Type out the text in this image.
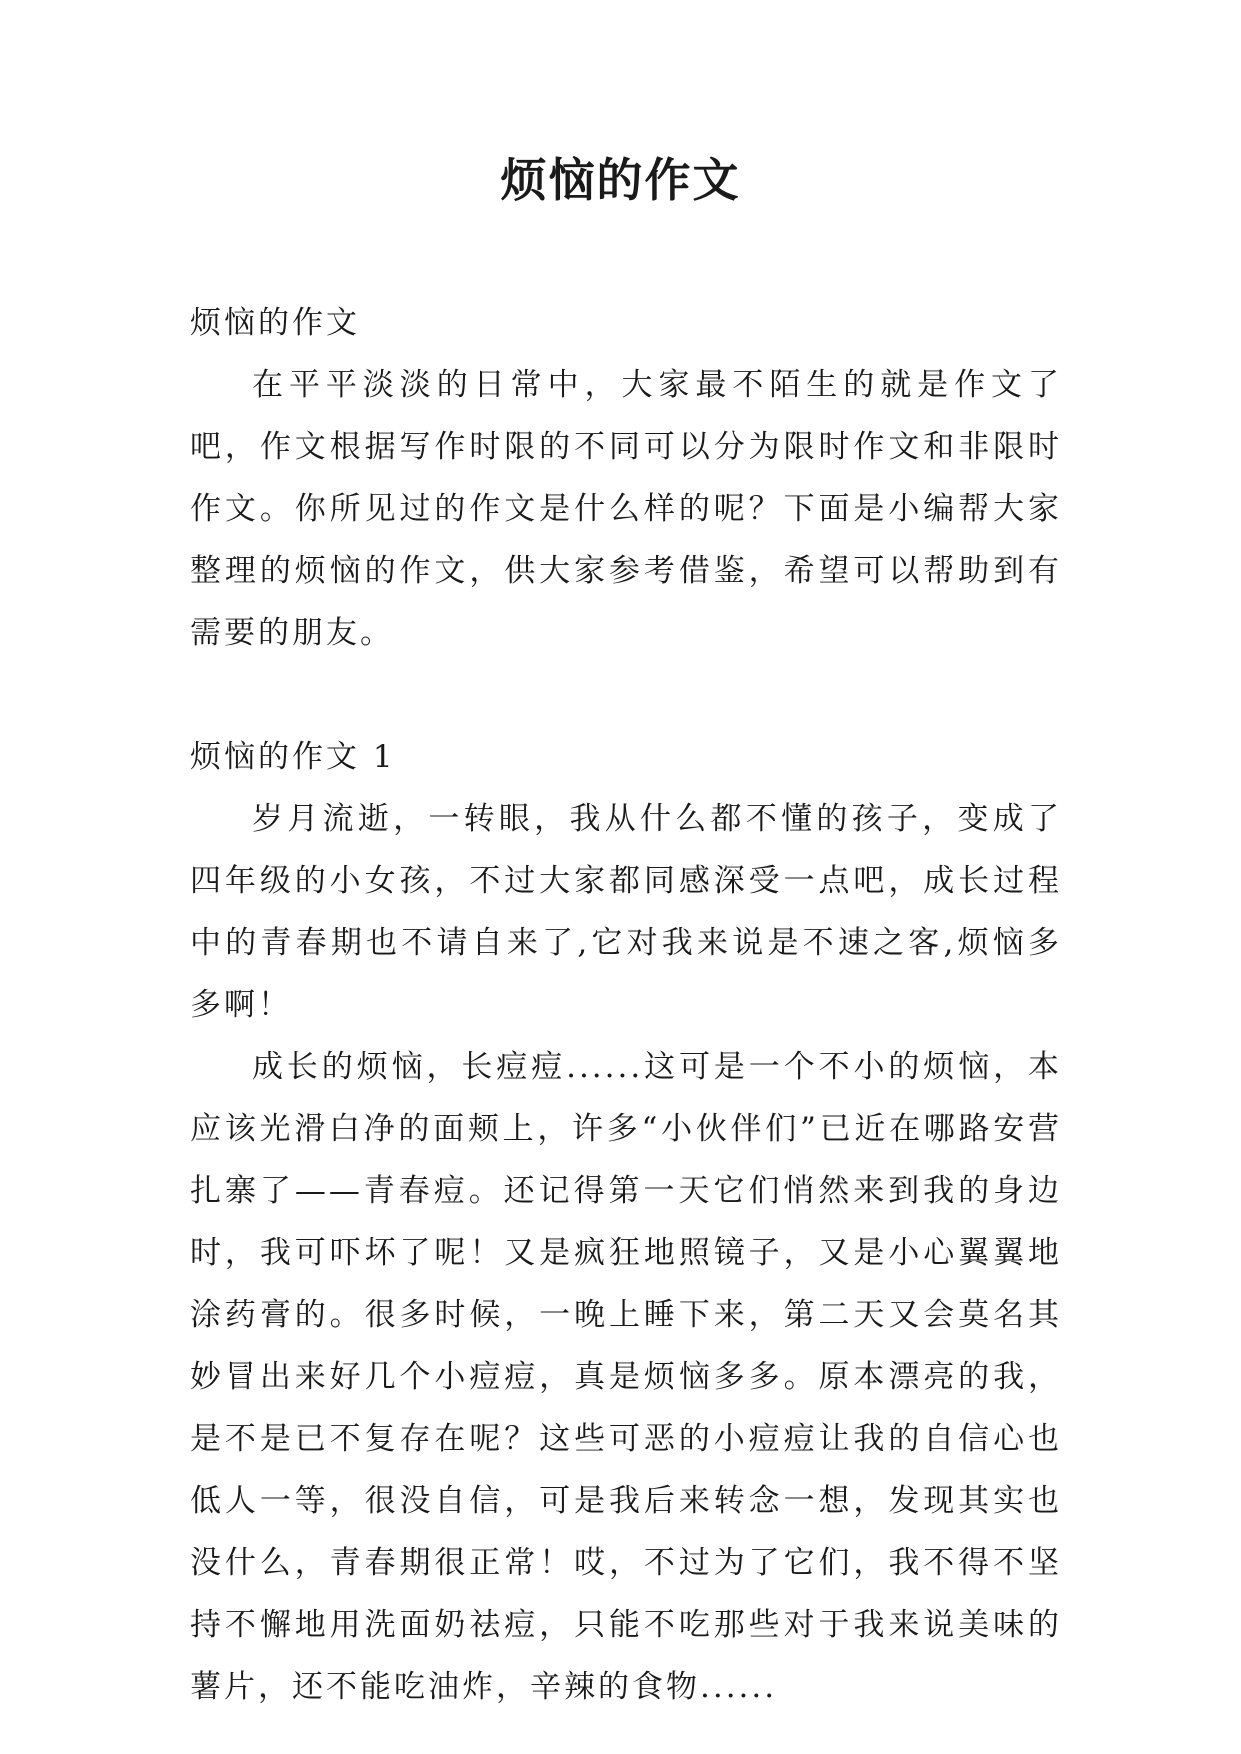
烦恼的作文

烦恼的作文

在平平淡淡的日常中，大家最不陌生的就是作文了吧，作文根据写作时限的不同可以分为限时作文和非限时作文。你所见过的作文是什么样的呢？下面是小编帮大家整理的烦恼的作文，供大家参考借鉴，希望可以帮助到有需要的朋友。

烦恼的作文 1

岁月流逝，一转眼，我从什么都不懂的孩子，变成了四年级的小女孩，不过大家都同感深受一点吧，成长过程中的青春期也不请自来了,它对我来说是不速之客,烦恼多多啊！

成长的烦恼，长痘痘......这可是一个不小的烦恼，本应该光滑白净的面颊上，许多“小伙伴们”已近在哪路安营扎寨了——青春痘。还记得第一天它们悄然来到我的身边时，我可吓坏了呢！又是疯狂地照镜子，又是小心翼翼地涂药膏的。很多时候，一晚上睡下来，第二天又会莫名其妙冒出来好几个小痘痘，真是烦恼多多。原本漂亮的我，是不是已不复存在呢？这些可恶的小痘痘让我的自信心也低人一等，很没自信，可是我后来转念一想，发现其实也没什么，青春期很正常！哎，不过为了它们，我不得不坚持不懈地用洗面奶祛痘，只能不吃那些对于我来说美味的薯片，还不能吃油炸，辛辣的食物......
